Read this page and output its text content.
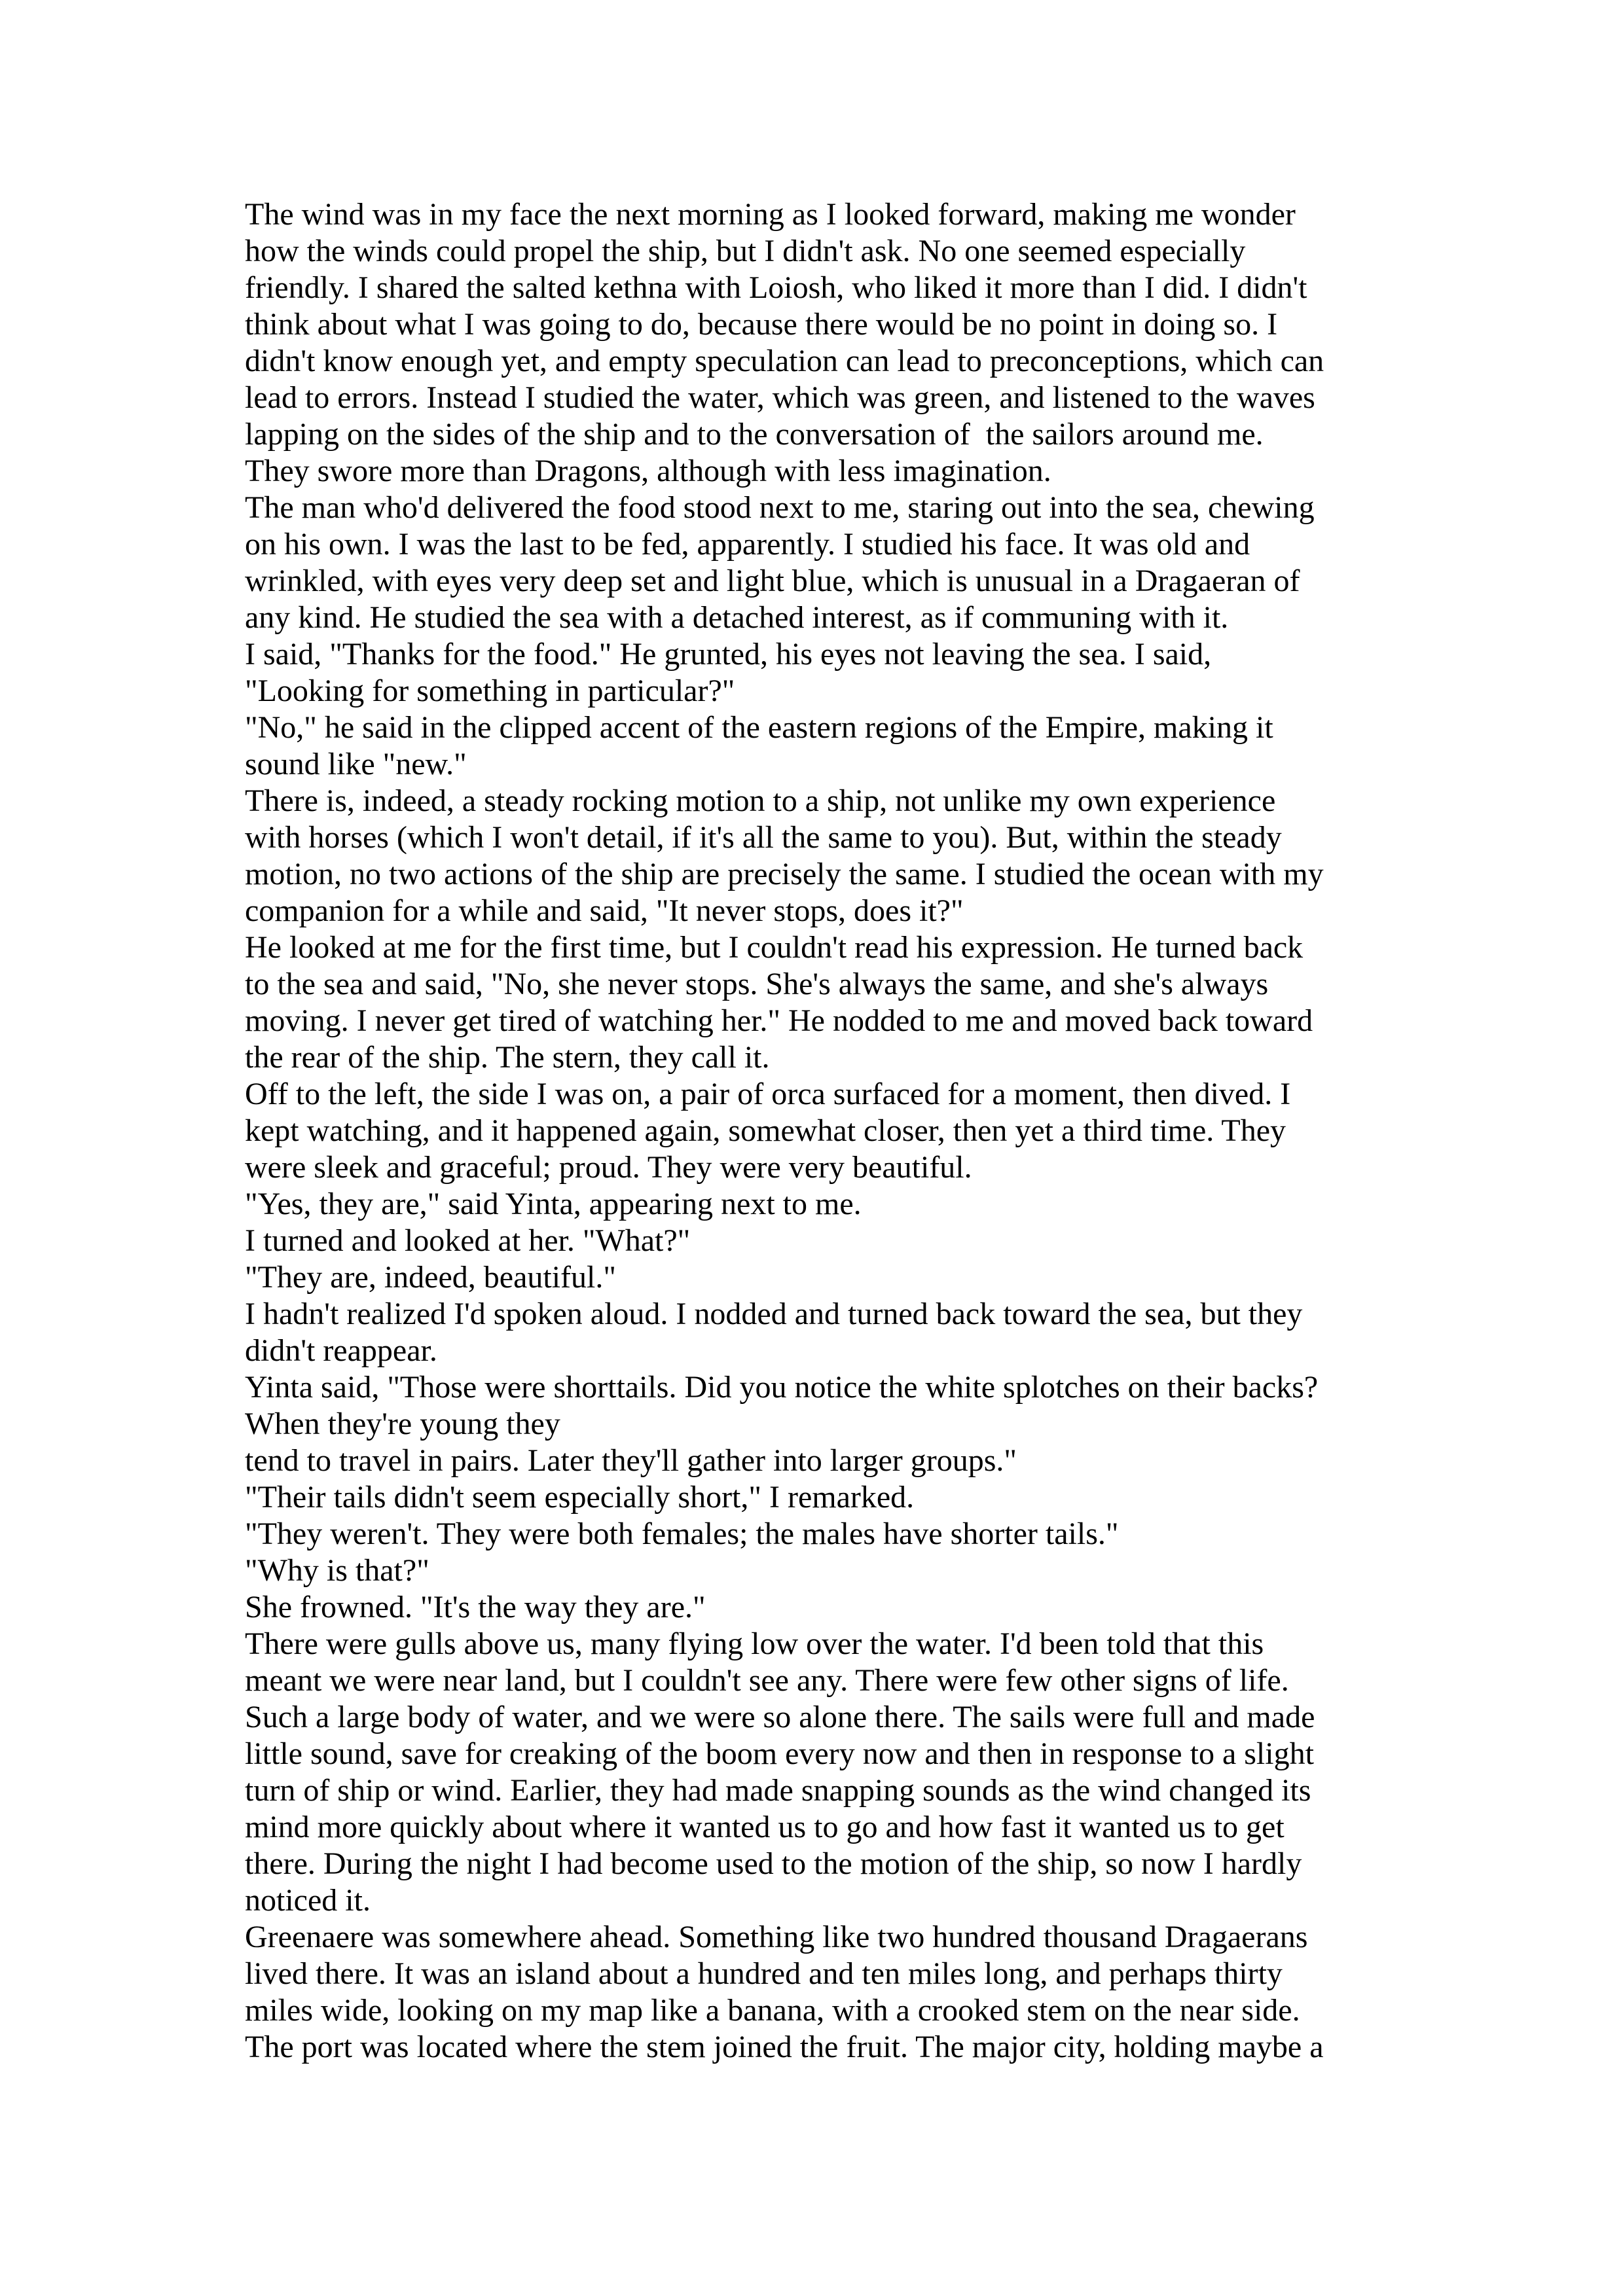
The wind was in my face the next morning as I looked forward, making me wonder
how the winds could propel the ship, but I didn't ask. No one seemed especially
friendly. I shared the salted kethna with Loiosh, who liked it more than I did. I didn't
think about what I was going to do, because there would be no point in doing so. I
didn't know enough yet, and empty speculation can lead to preconceptions, which can
lead to errors. Instead I studied the water, which was green, and listened to the waves
lapping on the sides of the ship and to the conversation of  the sailors around me.
They swore more than Dragons, although with less imagination.
The man who'd delivered the food stood next to me, staring out into the sea, chewing
on his own. I was the last to be fed, apparently. I studied his face. It was old and
wrinkled, with eyes very deep set and light blue, which is unusual in a Dragaeran of
any kind. He studied the sea with a detached interest, as if communing with it.
I said, "Thanks for the food." He grunted, his eyes not leaving the sea. I said,
"Looking for something in particular?"
"No," he said in the clipped accent of the eastern regions of the Empire, making it
sound like "new."
There is, indeed, a steady rocking motion to a ship, not unlike my own experience
with horses (which I won't detail, if it's all the same to you). But, within the steady
motion, no two actions of the ship are precisely the same. I studied the ocean with my
companion for a while and said, "It never stops, does it?"
He looked at me for the first time, but I couldn't read his expression. He turned back
to the sea and said, "No, she never stops. She's always the same, and she's always
moving. I never get tired of watching her." He nodded to me and moved back toward
the rear of the ship. The stern, they call it.
Off to the left, the side I was on, a pair of orca surfaced for a moment, then dived. I
kept watching, and it happened again, somewhat closer, then yet a third time. They
were sleek and graceful; proud. They were very beautiful.
"Yes, they are," said Yinta, appearing next to me.
I turned and looked at her. "What?"
"They are, indeed, beautiful."
I hadn't realized I'd spoken aloud. I nodded and turned back toward the sea, but they
didn't reappear.
Yinta said, "Those were shorttails. Did you notice the white splotches on their backs?
When they're young they
tend to travel in pairs. Later they'll gather into larger groups."
"Their tails didn't seem especially short," I remarked.
"They weren't. They were both females; the males have shorter tails."
"Why is that?"
She frowned. "It's the way they are."
There were gulls above us, many flying low over the water. I'd been told that this
meant we were near land, but I couldn't see any. There were few other signs of life.
Such a large body of water, and we were so alone there. The sails were full and made
little sound, save for creaking of the boom every now and then in response to a slight
turn of ship or wind. Earlier, they had made snapping sounds as the wind changed its
mind more quickly about where it wanted us to go and how fast it wanted us to get
there. During the night I had become used to the motion of the ship, so now I hardly
noticed it.
Greenaere was somewhere ahead. Something like two hundred thousand Dragaerans
lived there. It was an island about a hundred and ten miles long, and perhaps thirty
miles wide, looking on my map like a banana, with a crooked stem on the near side.
The port was located where the stem joined the fruit. The major city, holding maybe a
